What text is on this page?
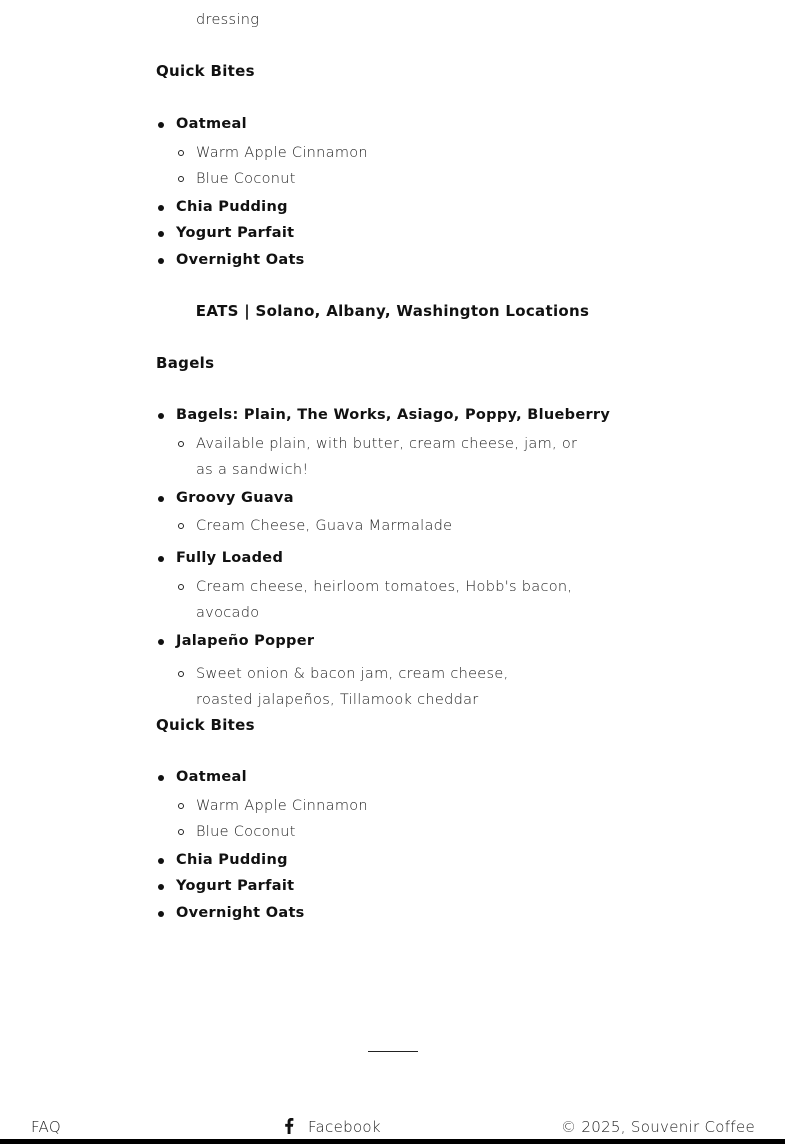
dressing
Quick Bites
Oatmeal
Warm Apple Cinnamon
Blue Coconut
Chia Pudding
Yogurt Parfait
Overnight Oats
EATS | Solano, Albany, Washington Locations
Bagels
Bagels: Plain, The Works, Asiago, Poppy, Blueberry
Available plain, with butter, cream cheese, jam, or as a sandwich!
Groovy Guava
Cream Cheese, Guava Marmalade
Fully Loaded
Cream cheese, heirloom tomatoes, Hobb's bacon, avocado
Jalapeño Popper
Sweet onion & bacon jam, cream cheese, roasted jalapeños, Tillamook cheddar
Quick Bites
Oatmeal
Warm Apple Cinnamon
Blue Coconut
Chia Pudding
Yogurt Parfait
Overnight Oats
FAQ	Facebook	© 2025, Souvenir Coffee
